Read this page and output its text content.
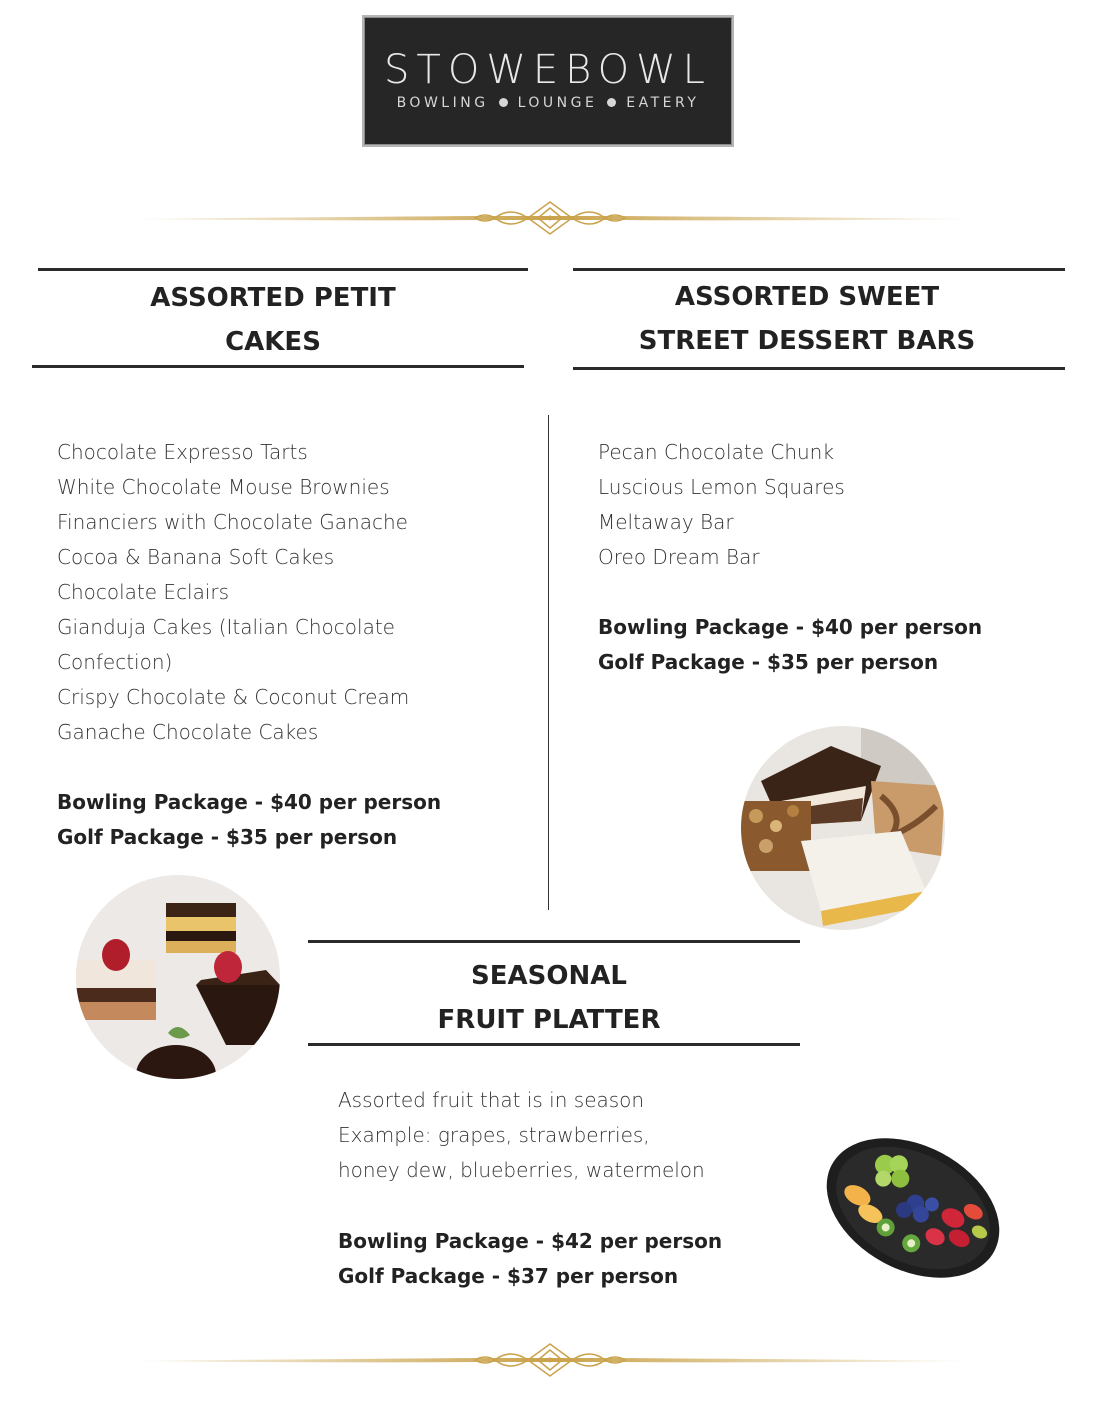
STOWEBOWL
BOWLING LOUNGE EATERY
ASSORTED PETIT
CAKES
Chocolate Expresso Tarts
White Chocolate Mouse Brownies
Financiers with Chocolate Ganache
Cocoa & Banana Soft Cakes
Chocolate Eclairs
Gianduja Cakes (Italian Chocolate
Confection)
Crispy Chocolate & Coconut Cream
Ganache Chocolate Cakes
Bowling Package - $40 per person
Golf Package - $35 per person
ASSORTED SWEET
STREET DESSERT BARS
Pecan Chocolate Chunk
Luscious Lemon Squares
Meltaway Bar
Oreo Dream Bar
Bowling Package - $40 per person
Golf Package - $35 per person
SEASONAL
FRUIT PLATTER
Assorted fruit that is in season
Example: grapes, strawberries,
honey dew, blueberries, watermelon
Bowling Package - $42 per person
Golf Package - $37 per person
